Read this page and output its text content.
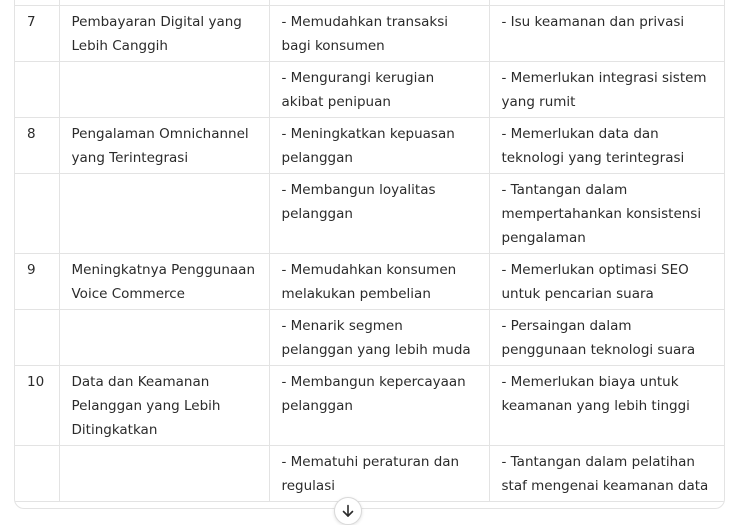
7	Pembayaran Digital yang Lebih Canggih	- Memudahkan transaksi bagi konsumen	- Isu keamanan dan privasi
		- Mengurangi kerugian akibat penipuan	- Memerlukan integrasi sistem yang rumit
8	Pengalaman Omnichannel yang Terintegrasi	- Meningkatkan kepuasan pelanggan	- Memerlukan data dan teknologi yang terintegrasi
		- Membangun loyalitas pelanggan	- Tantangan dalam mempertahankan konsistensi pengalaman
9	Meningkatnya Penggunaan Voice Commerce	- Memudahkan konsumen melakukan pembelian	- Memerlukan optimasi SEO untuk pencarian suara
		- Menarik segmen pelanggan yang lebih muda	- Persaingan dalam penggunaan teknologi suara
10	Data dan Keamanan Pelanggan yang Lebih Ditingkatkan	- Membangun kepercayaan pelanggan	- Memerlukan biaya untuk keamanan yang lebih tinggi
		- Mematuhi peraturan dan regulasi	- Tantangan dalam pelatihan staf mengenai keamanan data
